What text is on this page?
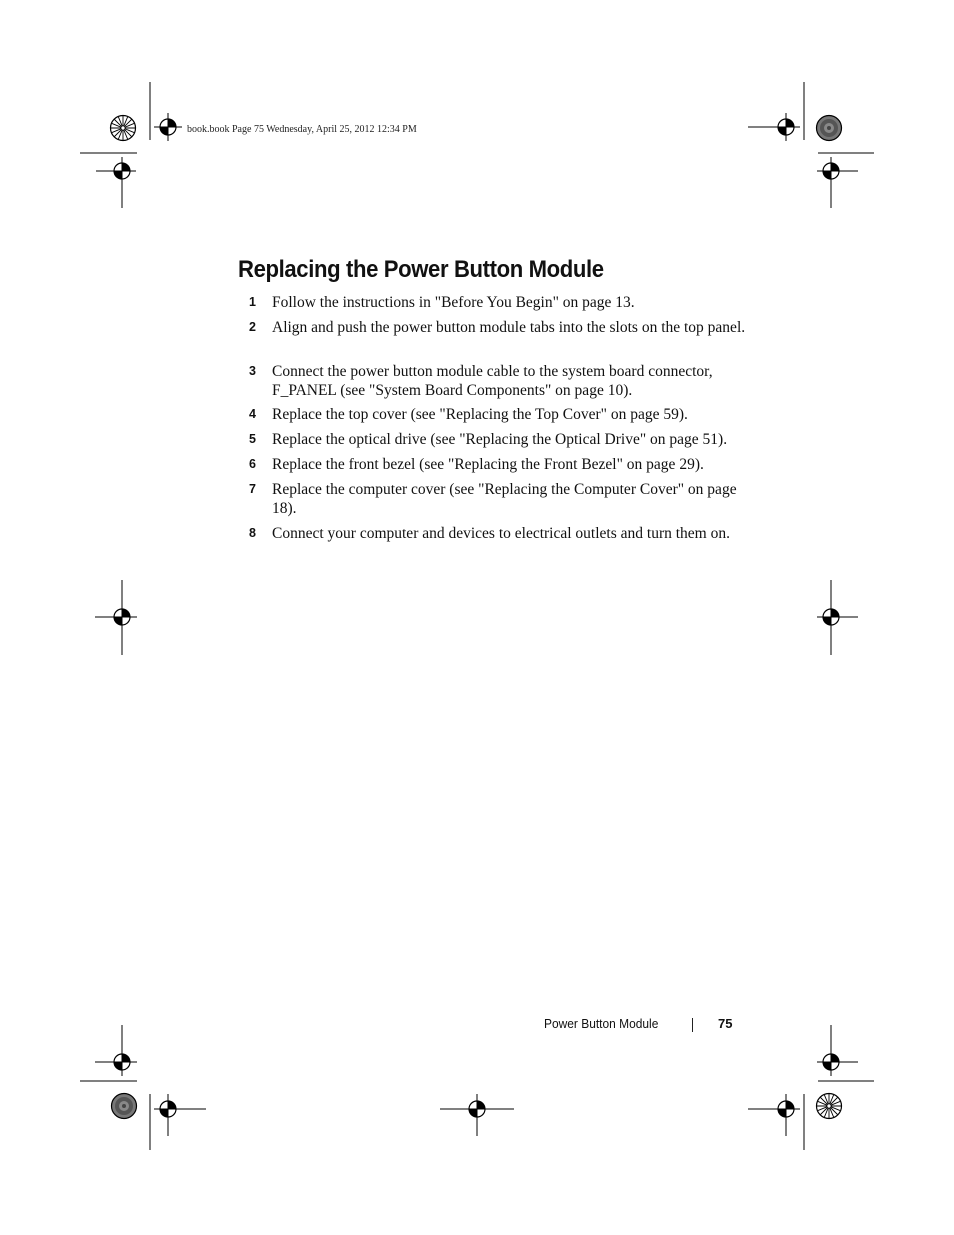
book.book Page 75 Wednesday, April 25, 2012 12:34 PM
Replacing the Power Button Module
1 Follow the instructions in "Before You Begin" on page 13.
2 Align and push the power button module tabs into the slots on the top panel.
3 Connect the power button module cable to the system board connector, F_PANEL (see "System Board Components" on page 10).
4 Replace the top cover (see "Replacing the Top Cover" on page 59).
5 Replace the optical drive (see "Replacing the Optical Drive" on page 51).
6 Replace the front bezel (see "Replacing the Front Bezel" on page 29).
7 Replace the computer cover (see "Replacing the Computer Cover" on page 18).
8 Connect your computer and devices to electrical outlets and turn them on.
Power Button Module	75
